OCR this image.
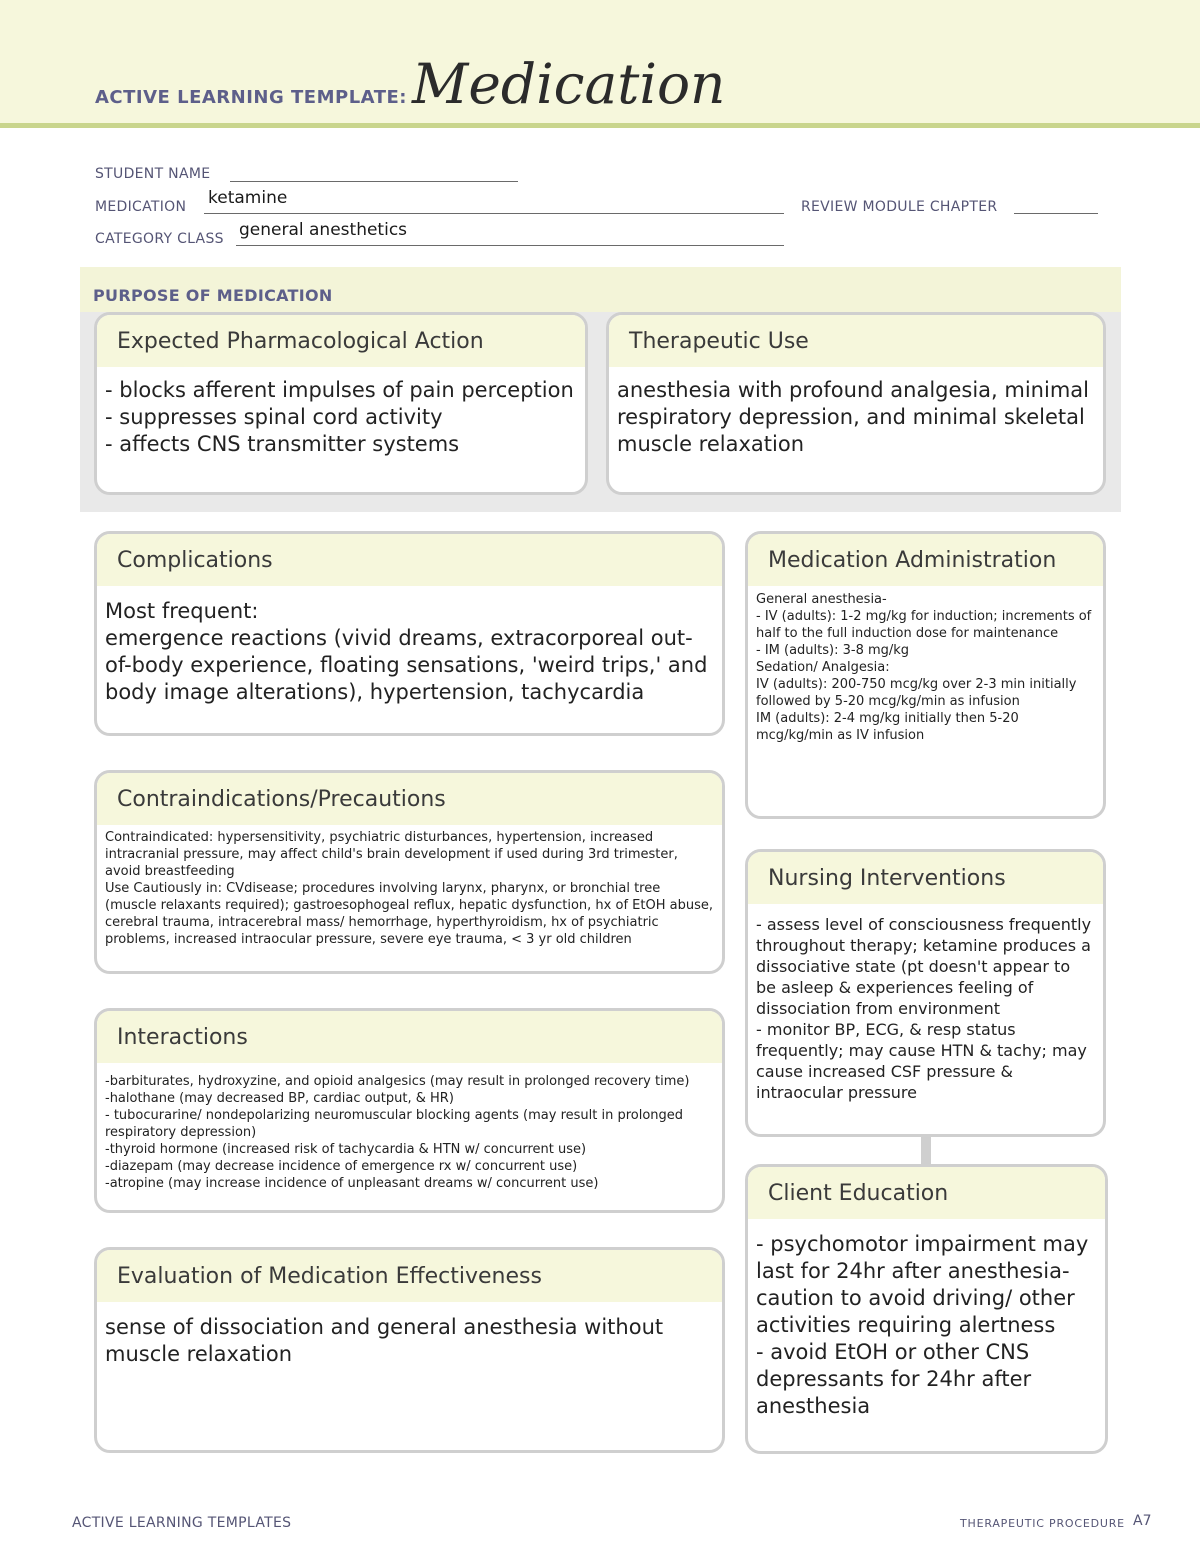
ACTIVE LEARNING TEMPLATE: Medication
STUDENT NAME
MEDICATION ketamine	REVIEW MODULE CHAPTER
CATEGORY CLASS general anesthetics
PURPOSE OF MEDICATION
Expected Pharmacological Action
- blocks afferent impulses of pain perception
- suppresses spinal cord activity
- affects CNS transmitter systems
Therapeutic Use
anesthesia with profound analgesia, minimal respiratory depression, and minimal skeletal muscle relaxation
Complications
Most frequent:
emergence reactions (vivid dreams, extracorporeal out-of-body experience, floating sensations, 'weird trips,' and body image alterations), hypertension, tachycardia
Medication Administration
General anesthesia-
- IV (adults): 1-2 mg/kg for induction; increments of half to the full induction dose for maintenance
- IM (adults): 3-8 mg/kg
Sedation/ Analgesia:
IV (adults): 200-750 mcg/kg over 2-3 min initially followed by 5-20 mcg/kg/min as infusion
IM (adults): 2-4 mg/kg initially then 5-20 mcg/kg/min as IV infusion
Contraindications/Precautions
Contraindicated: hypersensitivity, psychiatric disturbances, hypertension, increased intracranial pressure, may affect child's brain development if used during 3rd trimester, avoid breastfeeding
Use Cautiously in: CVdisease; procedures involving larynx, pharynx, or bronchial tree (muscle relaxants required); gastroesophogeal reflux, hepatic dysfunction, hx of EtOH abuse, cerebral trauma, intracerebral mass/ hemorrhage, hyperthyroidism, hx of psychiatric problems, increased intraocular pressure, severe eye trauma, < 3 yr old children
Nursing Interventions
- assess level of consciousness frequently throughout therapy; ketamine produces a dissociative state (pt doesn't appear to be asleep & experiences feeling of dissociation from environment
- monitor BP, ECG, & resp status frequently; may cause HTN & tachy; may cause increased CSF pressure & intraocular pressure
Interactions
-barbiturates, hydroxyzine, and opioid analgesics (may result in prolonged recovery time)
-halothane (may decreased BP, cardiac output, & HR)
- tubocurarine/ nondepolarizing neuromuscular blocking agents (may result in prolonged respiratory depression)
-thyroid hormone (increased risk of tachycardia & HTN w/ concurrent use)
-diazepam (may decrease incidence of emergence rx w/ concurrent use)
-atropine (may increase incidence of unpleasant dreams w/ concurrent use)	Client Education
- psychomotor impairment may last for 24hr after anesthesia- caution to avoid driving/ other activities requiring alertness
- avoid EtOH or other CNS depressants for 24hr after anesthesia
Evaluation of Medication Effectiveness
sense of dissociation and general anesthesia without muscle relaxation
ACTIVE LEARNING TEMPLATES	THERAPEUTIC PROCEDURE A7
